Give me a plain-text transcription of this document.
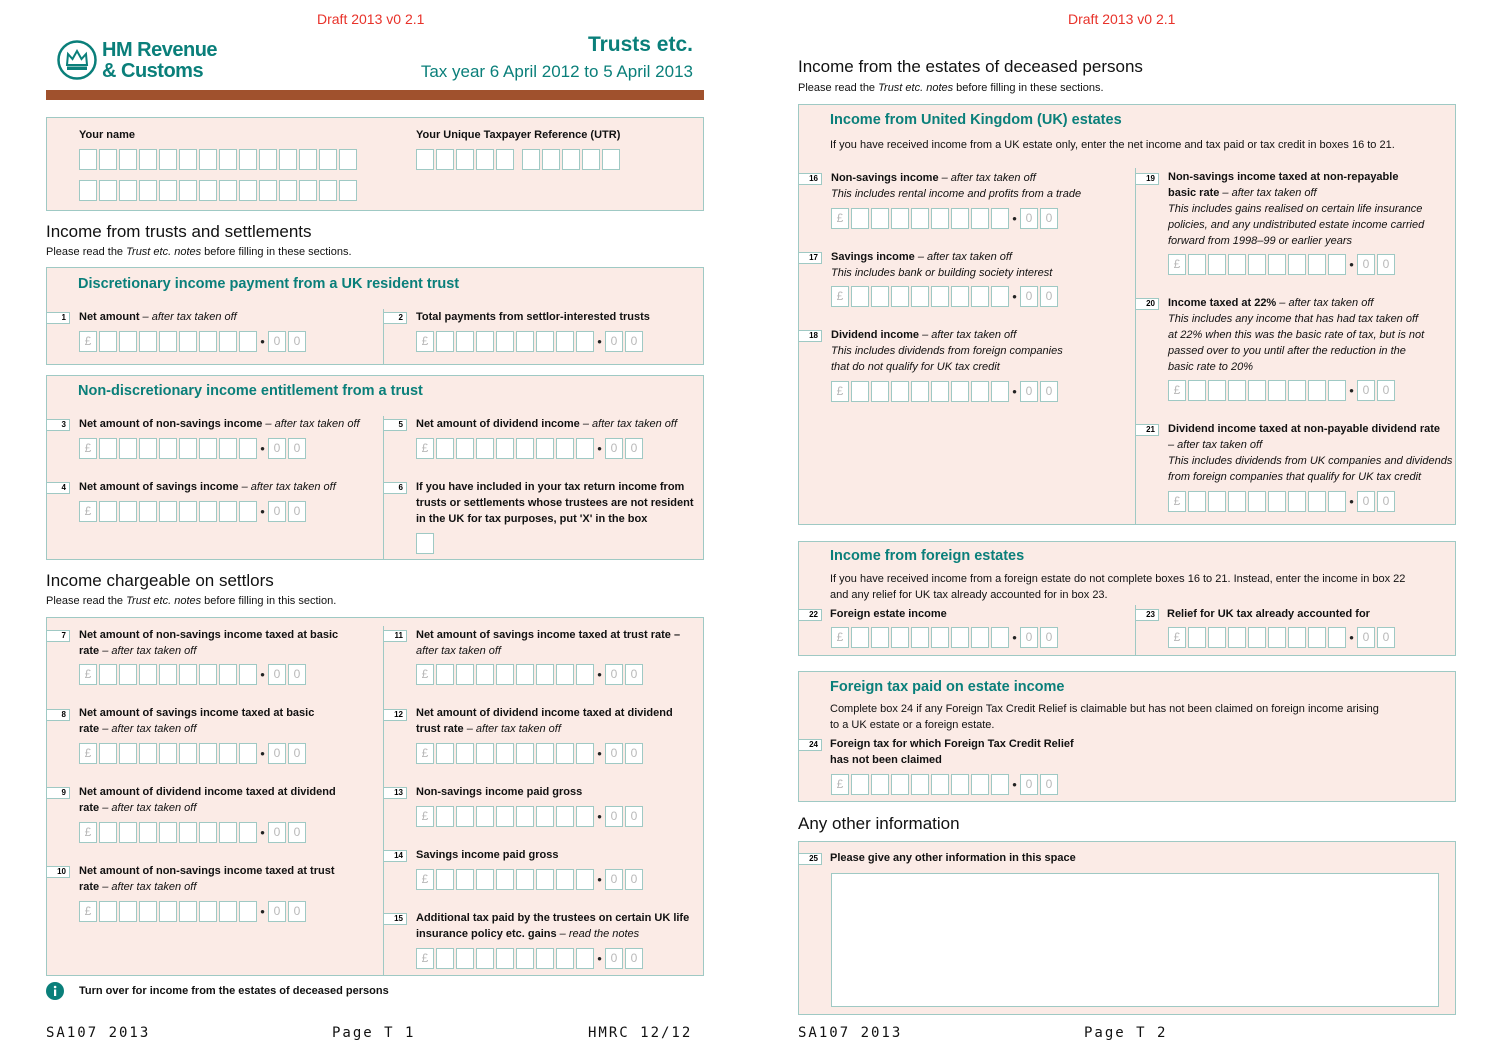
Draft 2013 v0 2.1
HM Revenue
& Customs
Trusts etc.
Tax year 6 April 2012 to 5 April 2013
Your name	Your Unique Taxpayer Reference (UTR)
Income from trusts and settlements
Please read the Trust etc. notes before filling in these sections.
Discretionary income payment from a UK resident trust
1	Net amount – after tax taken off
£	• 0	0
2	Total payments from settlor-interested trusts
£	• 0	0
Non-discretionary income entitlement from a trust
3	Net amount of non-savings income – after tax taken off
£	• 0	0
4	Net amount of savings income – after tax taken off
£	• 0	0
5	Net amount of dividend income – after tax taken off
£	• 0	0
6	If you have included in your tax return income from
trusts or settlements whose trustees are not resident
in the UK for tax purposes, put 'X' in the box
Income chargeable on settlors
Please read the Trust etc. notes before filling in this section.
7	Net amount of non-savings income taxed at basic
rate – after tax taken off
£	• 0	0
8	Net amount of savings income taxed at basic
rate – after tax taken off
£	• 0	0
9	Net amount of dividend income taxed at dividend
rate – after tax taken off
£	• 0	0
10	Net amount of non-savings income taxed at trust
rate – after tax taken off
£	• 0	0
11	Net amount of savings income taxed at trust rate –
after tax taken off
£	• 0	0
12	Net amount of dividend income taxed at dividend
trust rate – after tax taken off
£	• 0	0
13	Non-savings income paid gross
£	• 0	0
14	Savings income paid gross
£	• 0	0
15	Additional tax paid by the trustees on certain UK life
insurance policy etc. gains – read the notes
£	• 0	0
Turn over for income from the estates of deceased persons
SA107 2013	Page T 1	HMRC 12/12
Draft 2013 v0 2.1
Income from the estates of deceased persons
Please read the Trust etc. notes before filling in these sections.
Income from United Kingdom (UK) estates
If you have received income from a UK estate only, enter the net income and tax paid or tax credit in boxes 16 to 21.
16	Non-savings income – after tax taken off
This includes rental income and profits from a trade
£	• 0	0
17	Savings income – after tax taken off
This includes bank or building society interest
£	• 0	0
18	Dividend income – after tax taken off
This includes dividends from foreign companies
that do not qualify for UK tax credit
£	• 0	0
19	Non-savings income taxed at non-repayable
basic rate – after tax taken off
This includes gains realised on certain life insurance
policies, and any undistributed estate income carried
forward from 1998–99 or earlier years
£	• 0	0
20	Income taxed at 22% – after tax taken off
This includes any income that has had tax taken off
at 22% when this was the basic rate of tax, but is not
passed over to you until after the reduction in the
basic rate to 20%
£	• 0	0
21	Dividend income taxed at non-payable dividend rate
– after tax taken off
This includes dividends from UK companies and dividends
from foreign companies that qualify for UK tax credit
£	• 0	0
Income from foreign estates
If you have received income from a foreign estate do not complete boxes 16 to 21. Instead, enter the income in box 22
and any relief for UK tax already accounted for in box 23.
22	Foreign estate income
£	• 0	0
23	Relief for UK tax already accounted for
£	• 0	0
Foreign tax paid on estate income
Complete box 24 if any Foreign Tax Credit Relief is claimable but has not been claimed on foreign income arising
to a UK estate or a foreign estate.
24	Foreign tax for which Foreign Tax Credit Relief
has not been claimed
£	• 0	0
Any other information
25	Please give any other information in this space
SA107 2013	Page T 2
